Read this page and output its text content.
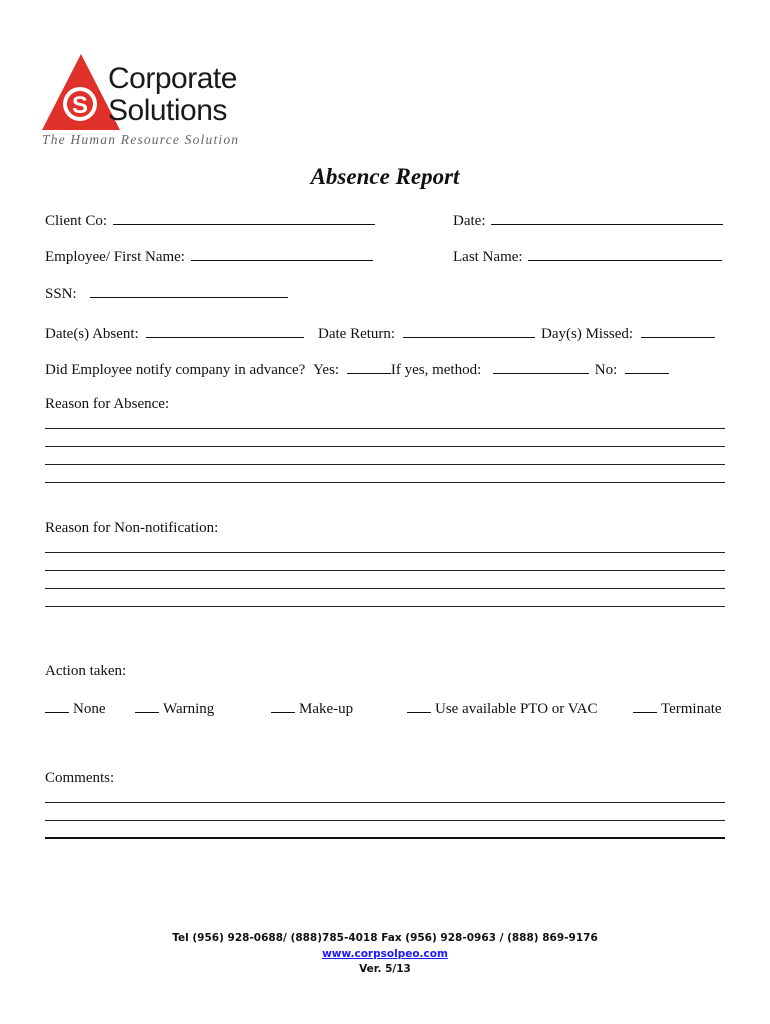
S
Corporate
Solutions
The Human Resource Solution
Absence Report
Client Co:	Date:
Employee/ First Name:	Last Name:
SSN:
Date(s) Absent:	Date Return:	Day(s) Missed:
Did Employee notify company in advance? Yes:	If yes, method:	No:
Reason for Absence:
Reason for Non-notification:
Action taken:
None	Warning	Make-up	Use available PTO or VAC	Terminate
Comments:
Tel (956) 928-0688/ (888)785-4018 Fax (956) 928-0963 / (888) 869-9176
www.corpsolpeo.com
Ver. 5/13
